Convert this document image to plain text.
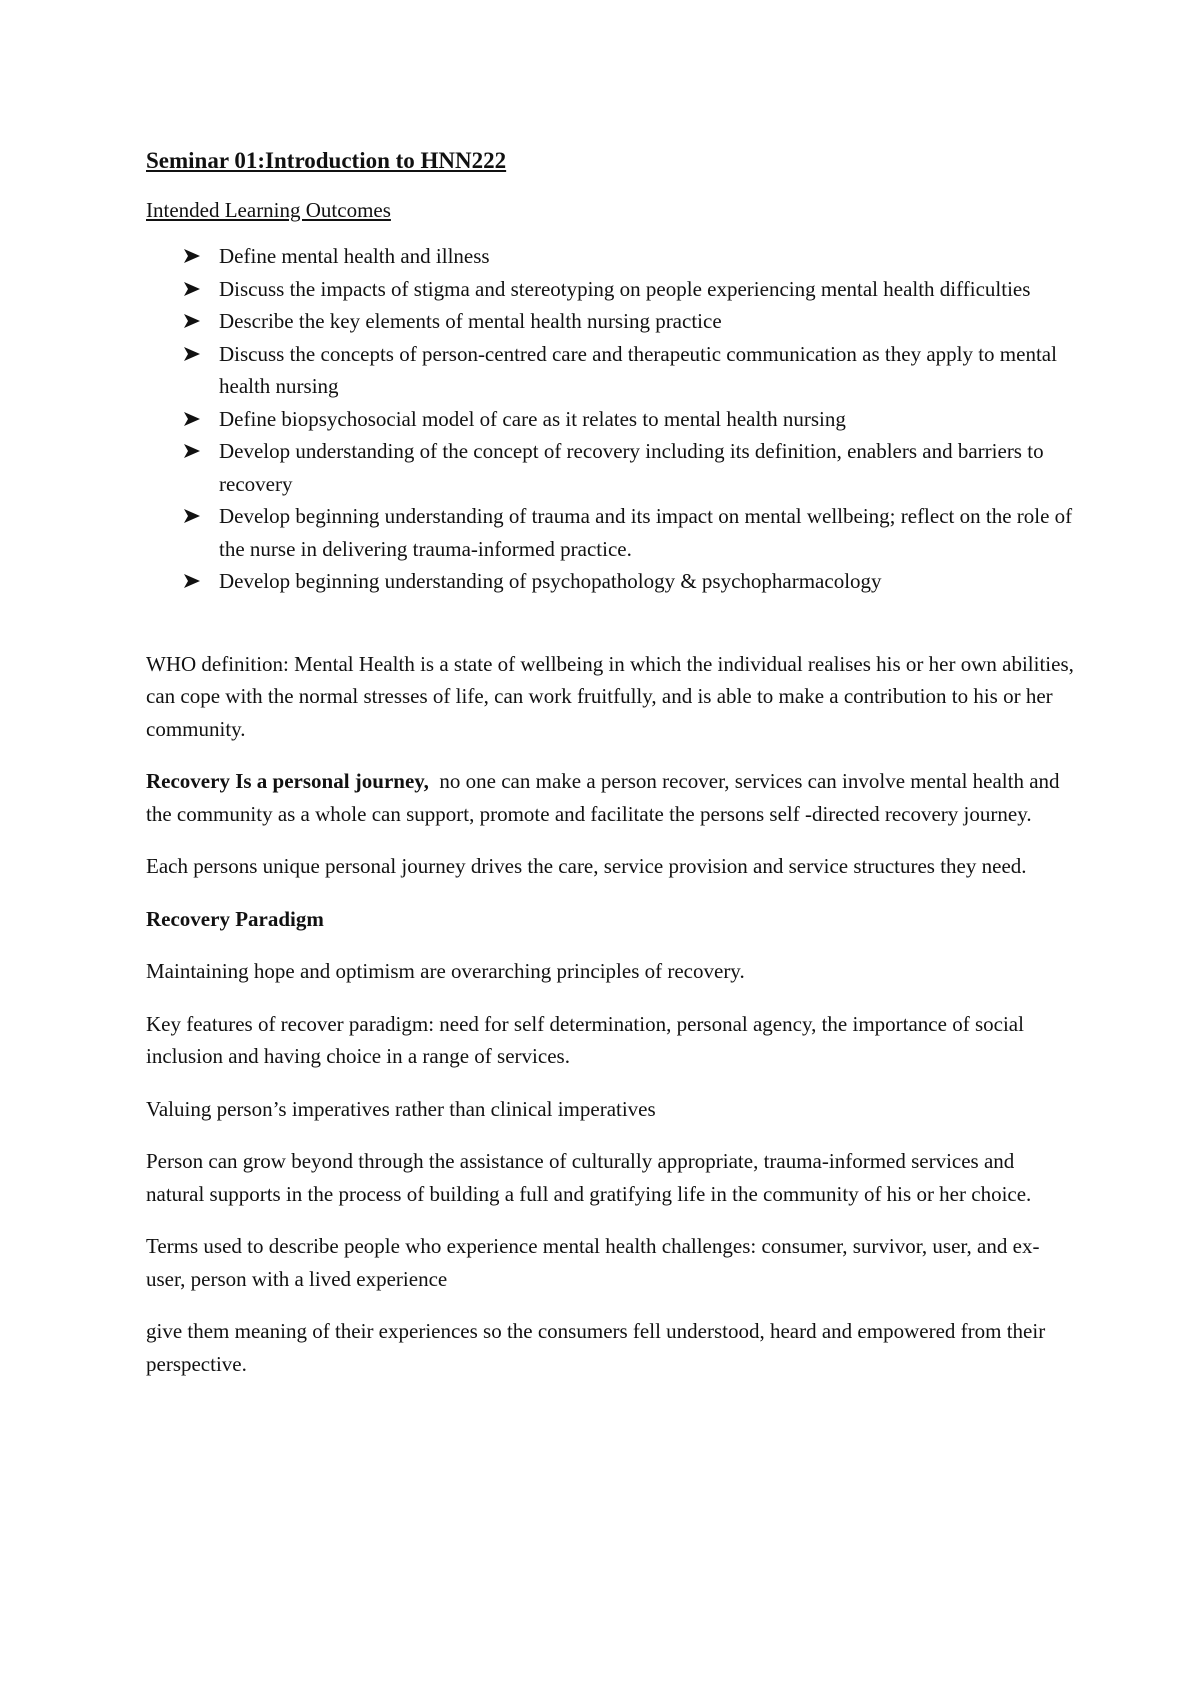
Seminar 01:Introduction to HNN222
Intended Learning Outcomes
Define mental health and illness
Discuss the impacts of stigma and stereotyping on people experiencing mental health difficulties
Describe the key elements of mental health nursing practice
Discuss the concepts of person-centred care and therapeutic communication as they apply to mental health nursing
Define biopsychosocial model of care as it relates to mental health nursing
Develop understanding of the concept of recovery including its definition, enablers and barriers to recovery
Develop beginning understanding of trauma and its impact on mental wellbeing; reflect on the role of the nurse in delivering trauma-informed practice.
Develop beginning understanding of psychopathology & psychopharmacology

WHO definition: Mental Health is a state of wellbeing in which the individual realises his or her own abilities, can cope with the normal stresses of life, can work fruitfully, and is able to make a contribution to his or her community.

Recovery Is a personal journey,  no one can make a person recover, services can involve mental health and the community as a whole can support, promote and facilitate the persons self -directed recovery journey.

Each persons unique personal journey drives the care, service provision and service structures they need.

Recovery Paradigm

Maintaining hope and optimism are overarching principles of recovery.

Key features of recover paradigm: need for self determination, personal agency, the importance of social inclusion and having choice in a range of services.

Valuing person’s imperatives rather than clinical imperatives

Person can grow beyond through the assistance of culturally appropriate, trauma-informed services and natural supports in the process of building a full and gratifying life in the community of his or her choice.

Terms used to describe people who experience mental health challenges: consumer, survivor, user, and ex-user, person with a lived experience

give them meaning of their experiences so the consumers fell understood, heard and empowered from their perspective.
